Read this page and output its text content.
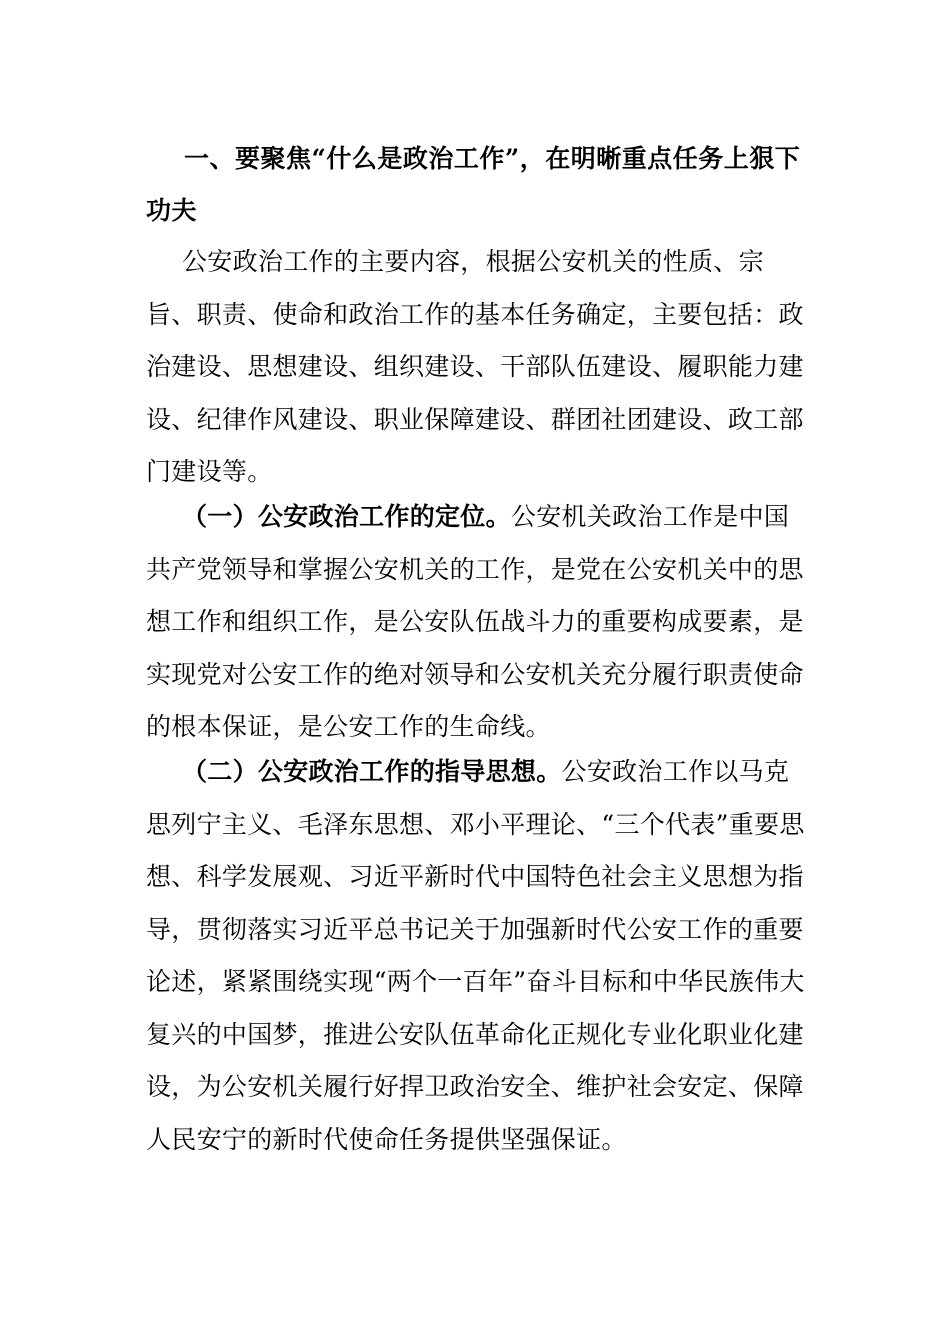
一、要聚焦“什么是政治工作”，在明晰重点任务上狠下功夫

公安政治工作的主要内容，根据公安机关的性质、宗旨、职责、使命和政治工作的基本任务确定，主要包括：政治建设、思想建设、组织建设、干部队伍建设、履职能力建设、纪律作风建设、职业保障建设、群团社团建设、政工部门建设等。

（一）公安政治工作的定位。公安机关政治工作是中国共产党领导和掌握公安机关的工作，是党在公安机关中的思想工作和组织工作，是公安队伍战斗力的重要构成要素，是实现党对公安工作的绝对领导和公安机关充分履行职责使命的根本保证，是公安工作的生命线。

（二）公安政治工作的指导思想。公安政治工作以马克思列宁主义、毛泽东思想、邓小平理论、“三个代表”重要思想、科学发展观、习近平新时代中国特色社会主义思想为指导，贯彻落实习近平总书记关于加强新时代公安工作的重要论述，紧紧围绕实现“两个一百年”奋斗目标和中华民族伟大复兴的中国梦，推进公安队伍革命化正规化专业化职业化建设，为公安机关履行好捍卫政治安全、维护社会安定、保障人民安宁的新时代使命任务提供坚强保证。
